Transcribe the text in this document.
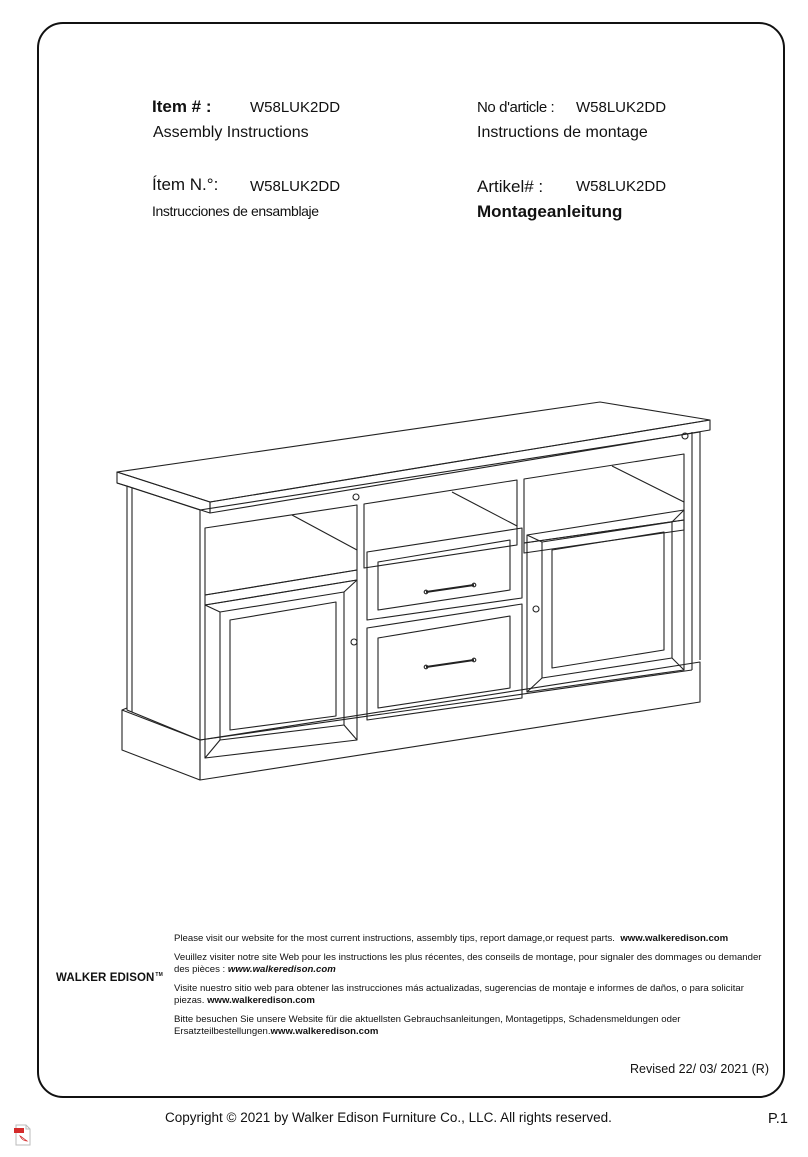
Item # :	W58LUK2DD
Assembly Instructions
No d'article : W58LUK2DD
Instructions de montage
Ítem N.°: W58LUK2DD
Instrucciones de ensamblaje
Artikel# : W58LUK2DD
Montageanleitung
WALKER EDISON™

Please visit our website for the most current instructions, assembly tips, report damage,or request parts. www.walkeredison.com

Veuillez visiter notre site Web pour les instructions les plus récentes, des conseils de montage, pour signaler des dommages ou demander des pièces : www.walkeredison.com

Visite nuestro sitio web para obtener las instrucciones más actualizadas, sugerencias de montaje e informes de daños, o para solicitar piezas. www.walkeredison.com

Bitte besuchen Sie unsere Website für die aktuellsten Gebrauchsanleitungen, Montagetipps, Schadensmeldungen oder Ersatzteilbestellungen.www.walkeredison.com

Revised 22/ 03/ 2021 (R)
Copyright © 2021 by Walker Edison Furniture Co., LLC. All rights reserved.	P.1
